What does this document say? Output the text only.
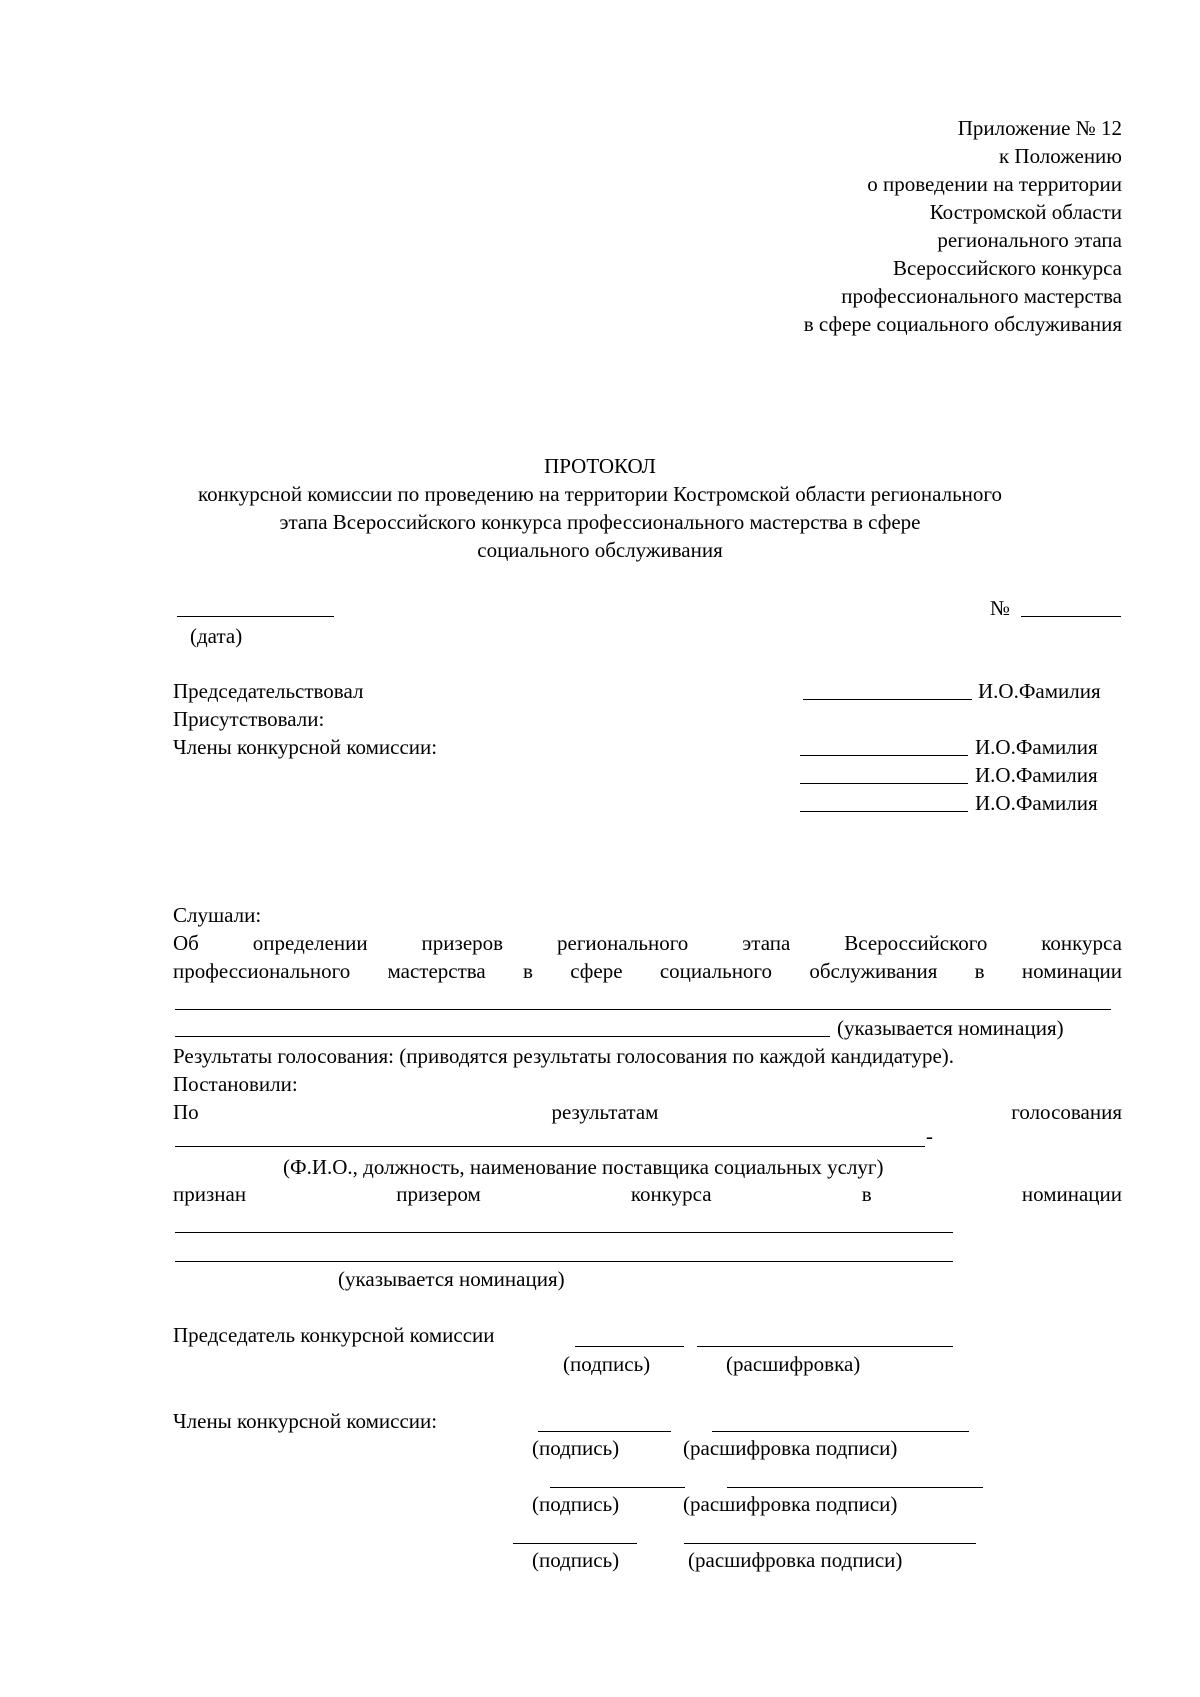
Приложение № 12
к Положению
о проведении на территории
Костромской области
регионального этапа
Всероссийского конкурса
профессионального мастерства
в сфере социального обслуживания
ПРОТОКОЛ
конкурсной комиссии по проведению на территории Костромской области регионального
этапа Всероссийского конкурса профессионального мастерства в сфере
социального обслуживания
(дата)
№
Председательствовал	И.О.Фамилия
Присутствовали:
Члены конкурсной комиссии:	И.О.Фамилия
И.О.Фамилия
И.О.Фамилия
Слушали:
Об	определении	призеров	регионального	этапа	Всероссийского	конкурса
профессионального мастерства в сфере социального обслуживания в номинации
(указывается номинация)
Результаты голосования: (приводятся результаты голосования по каждой кандидатуре).
Постановили:
По	результатам	голосования
-
(Ф.И.О., должность, наименование поставщика социальных услуг)
признан	призером	конкурса	в	номинации
(указывается номинация)
Председатель конкурсной комиссии
(подпись)	(расшифровка)
Члены конкурсной комиссии:
(подпись)	(расшифровка подписи)
(подпись)	(расшифровка подписи)
(подпись)	(расшифровка подписи)
